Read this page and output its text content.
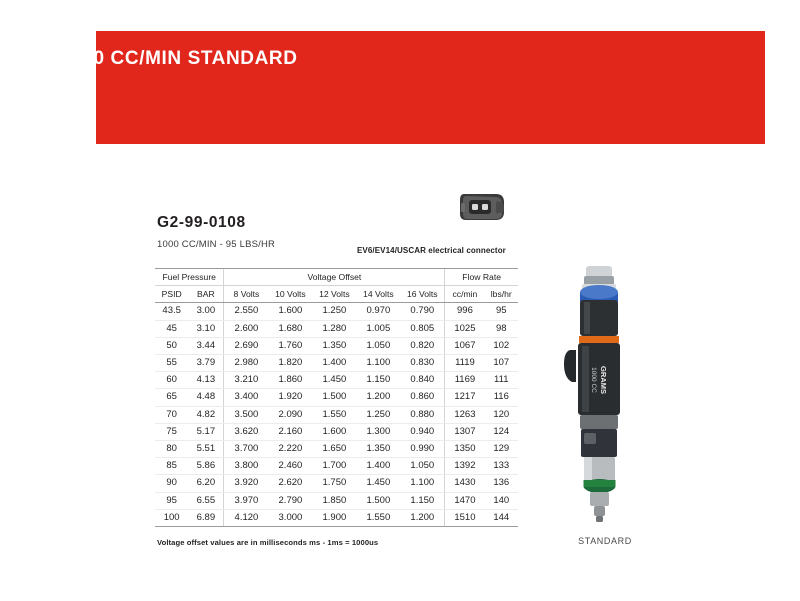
1000 CC/MIN STANDARD
G2-99-0108
1000 CC/MIN - 95 LBS/HR
EV6/EV14/USCAR electrical connector
Fuel Pressure		Voltage Offset					Flow Rate	
PSID	BAR	8 Volts	10 Volts	12 Volts	14 Volts	16 Volts	cc/min	lbs/hr
43.5	3.00	2.550	1.600	1.250	0.970	0.790	996	95
45	3.10	2.600	1.680	1.280	1.005	0.805	1025	98
50	3.44	2.690	1.760	1.350	1.050	0.820	1067	102
55	3.79	2.980	1.820	1.400	1.100	0.830	1119	107
60	4.13	3.210	1.860	1.450	1.150	0.840	1169	111
65	4.48	3.400	1.920	1.500	1.200	0.860	1217	116
70	4.82	3.500	2.090	1.550	1.250	0.880	1263	120
75	5.17	3.620	2.160	1.600	1.300	0.940	1307	124
80	5.51	3.700	2.220	1.650	1.350	0.990	1350	129
85	5.86	3.800	2.460	1.700	1.400	1.050	1392	133
90	6.20	3.920	2.620	1.750	1.450	1.100	1430	136
95	6.55	3.970	2.790	1.850	1.500	1.150	1470	140
100	6.89	4.120	3.000	1.900	1.550	1.200	1510	144
Voltage offset values are in milliseconds ms - 1ms = 1000us
GRAMS
1000 CC
STANDARD
